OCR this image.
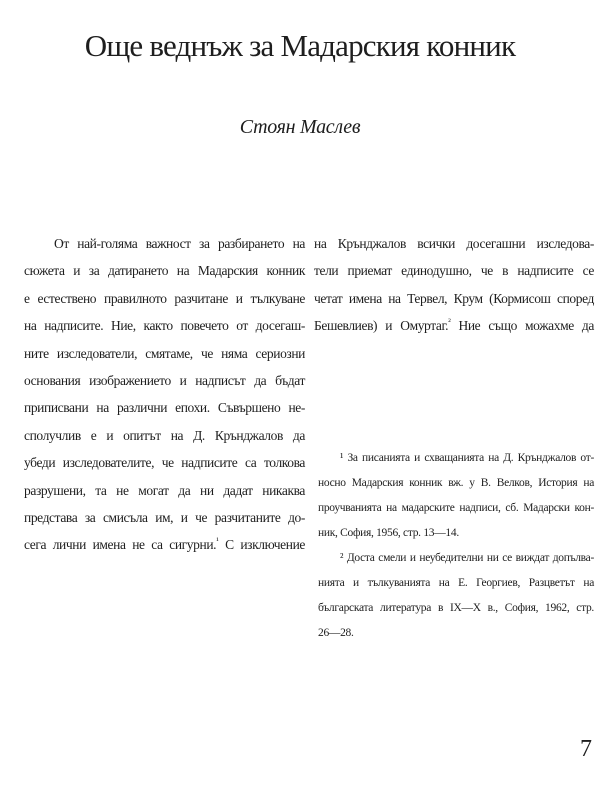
Още веднъж за Мадарския конник
Стоян Маслев
От най-голяма важност за разбирането на
сюжета и за датирането на Мадарския конник
е естествено правилното разчитане и тълкуване
на надписите. Ние, както повечето от досегаш-
ните изследователи, смятаме, че няма сериозни
основания изображението и надписът да бъдат
приписвани на различни епохи. Съвършено не-
сполучлив е и опитът на Д. Крънджалов да
убеди изследователите, че надписите са толкова
разрушени, та не могат да ни дадат никаква
представа за смисъла им, и че разчитаните до-
сега лични имена не са сигурни.$^{^1}$ С изключение
на Крънджалов всички досегашни изследова-
тели приемат единодушно, че в надписите се
четат имена на Тервел, Крум (Кормисош според
Бешевлиев) и Омуртаг.$^{^2}$ Ние също можахме да
¹ За писанията и схващанията на Д. Крънджалов от-
носно Мадарския конник вж. у В. Велков, История на
проучванията на мадарските надписи, сб. Мадарски кон-
ник, София, 1956, стр. 13—14.
² Доста смели и неубедителни ни се виждат допълва-
нията и тълкуванията на Е. Георгиев, Разцветът на
българската литература в IX—X в., София, 1962, стр.
26—28.
7
